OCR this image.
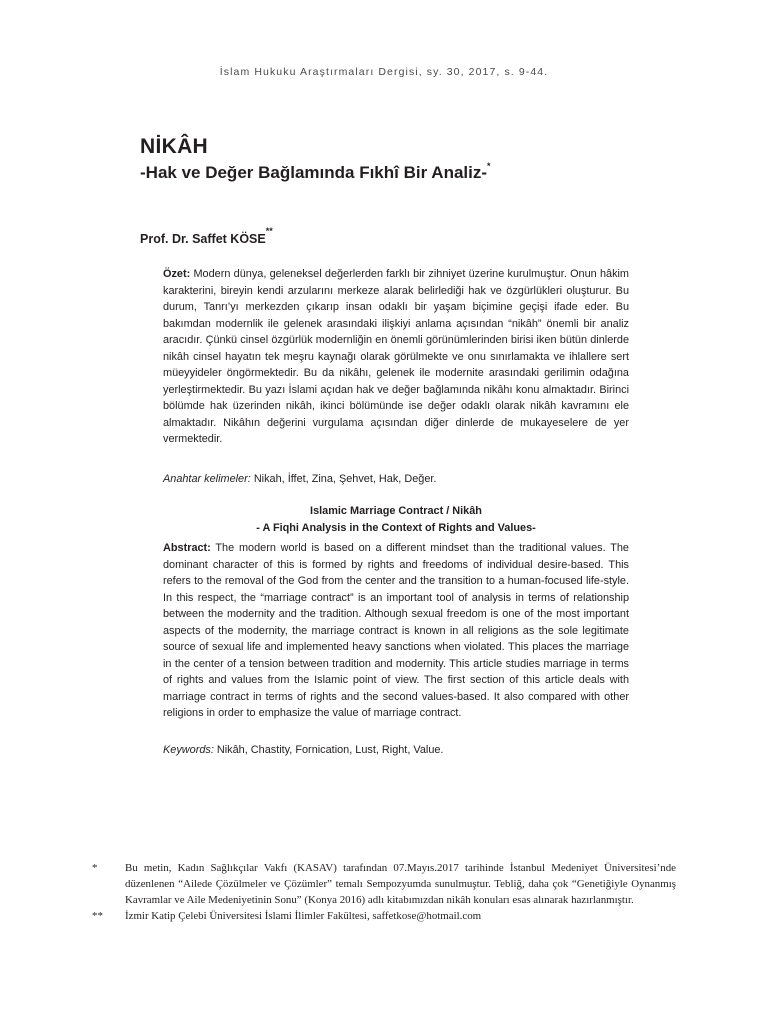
İslam Hukuku Araştırmaları Dergisi, sy. 30, 2017, s. 9-44.
NİKÂH
-Hak ve Değer Bağlamında Fıkhî Bir Analiz-*
Prof. Dr. Saffet KÖSE**
Özet: Modern dünya, geleneksel değerlerden farklı bir zihniyet üzerine kurulmuştur. Onun hâkim karakterini, bireyin kendi arzularını merkeze alarak belirlediği hak ve özgürlükleri oluşturur. Bu durum, Tanrı’yı merkezden çıkarıp insan odaklı bir yaşam biçimine geçişi ifade eder. Bu bakımdan modernlik ile gelenek arasındaki ilişkiyi anlama açısından “nikâh” önemli bir analiz aracıdır. Çünkü cinsel özgürlük modernliğin en önemli görünümlerinden birisi iken bütün dinlerde nikâh cinsel hayatın tek meşru kaynağı olarak görülmekte ve onu sınırlamakta ve ihlallere sert müeyyideler öngörmektedir. Bu da nikâhı, gelenek ile modernite arasındaki gerilimin odağına yerleştirmektedir. Bu yazı İslami açıdan hak ve değer bağlamında nikâhı konu almaktadır. Birinci bölümde hak üzerinden nikâh, ikinci bölümünde ise değer odaklı olarak nikâh kavramını ele almaktadır. Nikâhın değerini vurgulama açısından diğer dinlerde de mukayeselere de yer vermektedir.
Anahtar kelimeler: Nikah, İffet, Zina, Şehvet, Hak, Değer.
Islamic Marriage Contract / Nikâh
- A Fiqhi Analysis in the Context of Rights and Values-
Abstract: The modern world is based on a different mindset than the traditional values. The dominant character of this is formed by rights and freedoms of individual desire-based. This refers to the removal of the God from the center and the transition to a human-focused life-style. In this respect, the “marriage contract” is an important tool of analysis in terms of relationship between the modernity and the tradition. Although sexual freedom is one of the most important aspects of the modernity, the marriage contract is known in all religions as the sole legitimate source of sexual life and implemented heavy sanctions when violated. This places the marriage in the center of a tension between tradition and modernity. This article studies marriage in terms of rights and values from the Islamic point of view. The first section of this article deals with marriage contract in terms of rights and the second values-based. It also compared with other religions in order to emphasize the value of marriage contract.
Keywords: Nikâh, Chastity, Fornication, Lust, Right, Value.
*	Bu metin, Kadın Sağlıkçılar Vakfı (KASAV) tarafından 07.Mayıs.2017 tarihinde İstanbul Medeniyet Üniversitesi’nde düzenlenen “Ailede Çözülmeler ve Çözümler” temalı Sempozyumda sunulmuştur. Tebliğ, daha çok “Genetiğiyle Oynanmış Kavramlar ve Aile Medeniyetinin Sonu” (Konya 2016) adlı kitabımızdan nikâh konuları esas alınarak hazırlanmıştır.
**	İzmir Katip Çelebi Üniversitesi İslami İlimler Fakültesi, saffetkose@hotmail.com
